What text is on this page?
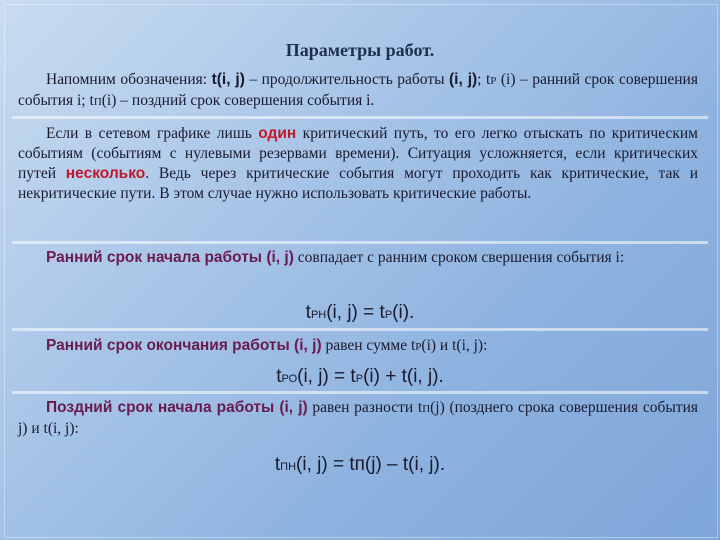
Параметры работ.
Напомним обозначения: t(i, j) – продолжительность работы (i, j); tР (i) – ранний срок совершения события i; tП(i) – поздний срок совершения события i.
Если в сетевом графике лишь один критический путь, то его легко отыскать по критическим событиям (событиям с нулевыми резервами времени). Ситуация усложняется, если критических путей несколько. Ведь через критические события могут проходить как критические, так и некритические пути. В этом случае нужно использовать критические работы.
Ранний срок начала работы (i, j) совпадает с ранним сроком свершения события i:
tРН(i, j) = tР(i).
Ранний срок окончания работы (i, j) равен сумме tР(i) и t(i, j):
tРО(i, j) = tР(i) + t(i, j).
Поздний срок начала работы (i, j) равен разности tП(j) (позднего срока совершения события j) и t(i, j):
tПН(i, j) = tп(j) – t(i, j).
